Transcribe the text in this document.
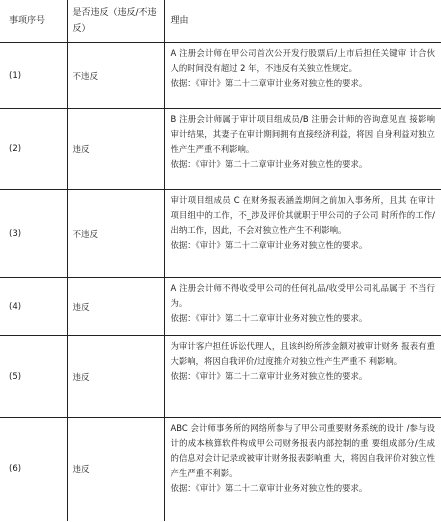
事项序号	是否违反（违反/不违反）	理由
(1)	不违反	A 注册会计师在甲公司首次公开发行股票后/上市后担任关键审 计合伙人的时间没有超过 2 年，不违反有关独立性规定。
依据：《审计》第二十二章审计业务对独立性的要求。

(2)	违反	B 注册会计师属于审计项目组成员/B 注册会计师的咨询意见直 接影响审计结果，其妻子在审计期间拥有直接经济利益，将因 自身利益对独立性产生严重不利影响。
依据：《审计》第二十二章审计业务对独立性的要求。

(3)	不违反	审计项目组成员 C 在财务报表涵盖期间之前加入事务所，且其 在审计项目组中的工作，不_涉及评价其就职于甲公司的子公司 时所作的工作/出纳工作，因此，不会对独立性产生不利影响。
依据：《审计》第二十二章审计业务对独立性的要求。

(4)	违反	A 注册会计师不得收受甲公司的任何礼品/收受甲公司礼品属于 不当行为。
依据：《审计》第二十二章审计业务对独立性的要求。

(5)	违反	为审计客户担任诉讼代理人，且该纠纷所涉金额对被审计财务 报表有重大影响，将因自我评价/过度推介对独立性产生严重不 利影响。
依据：《审计》第二十二章审计业务对独立性的要求。

(6)	违反	ABC 会计师事务所的网络所参与了甲公司重要财务系统的设计 /参与设计的成本核算软件构成甲公司财务报表内部控制的重 要组成部分/生成的信息对会计记录或被审计财务报表影响重 大，将因自我评价对独立性产生严重不利影。
依据：《审计》第二十二章审计业务对独立性的要求。
